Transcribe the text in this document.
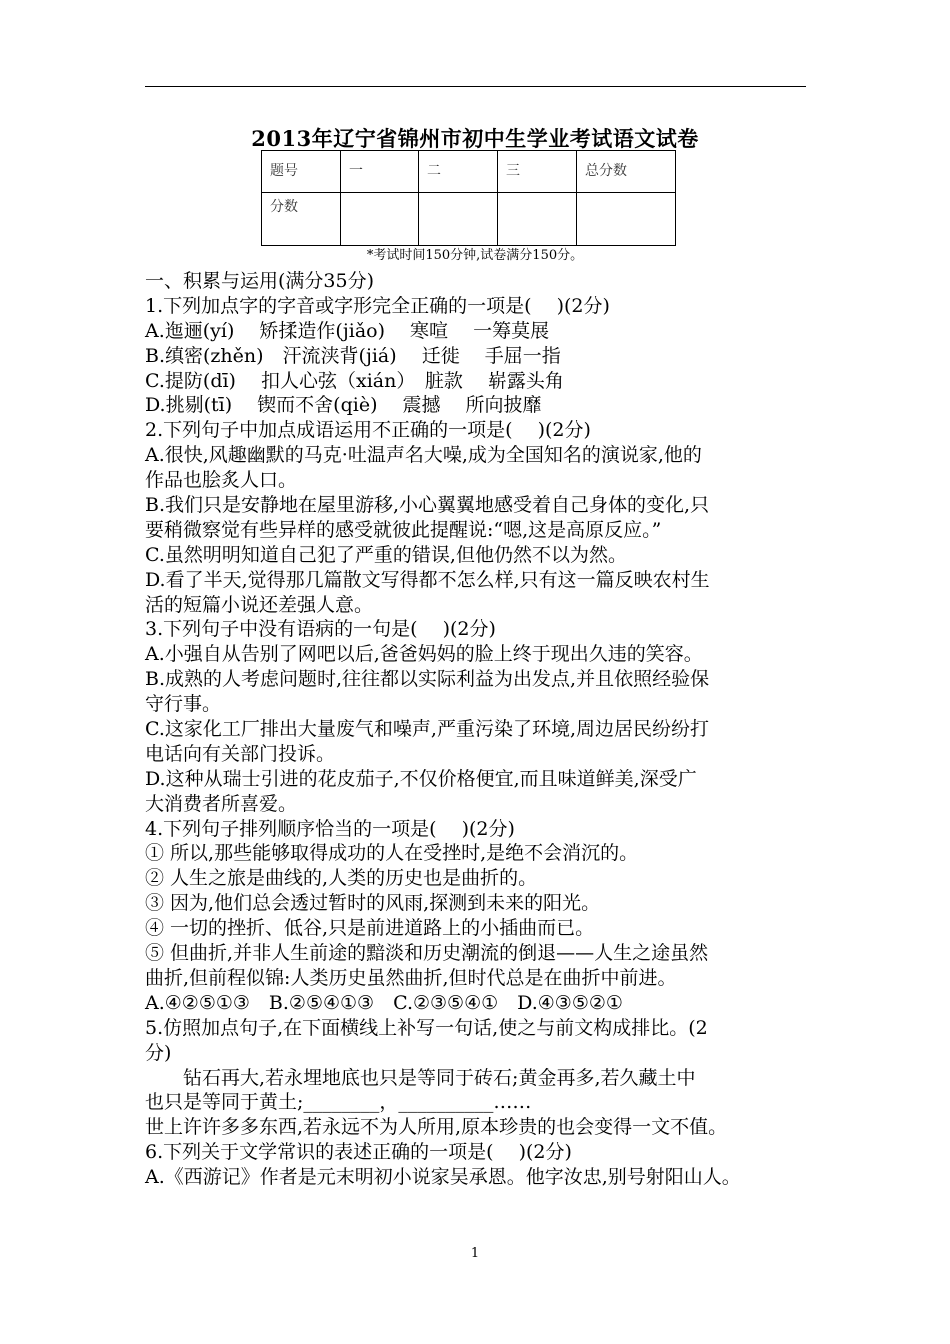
2013年辽宁省锦州市初中生学业考试语文试卷
题号	一	二	三	总分数
分数				
*考试时间150分钟,试卷满分150分。
一、积累与运用(满分35分)
1.下列加点字的字音或字形完全正确的一项是(　 )(2分)
A.迤逦(yí)　 矫揉造作(jiǎo)　 寒喧　 一筹莫展
B.缜密(zhěn)　汗流浃背(jiá)　 迁徙　 手屈一指
C.提防(dī)　 扣人心弦（xián）　脏款　 崭露头角
D.挑剔(tī)　 锲而不舍(qiè)　 震撼　 所向披靡
2.下列句子中加点成语运用不正确的一项是(　 )(2分)
A.很快,风趣幽默的马克·吐温声名大噪,成为全国知名的演说家,他的
作品也脍炙人口。
B.我们只是安静地在屋里游移,小心翼翼地感受着自己身体的变化,只
要稍微察觉有些异样的感受就彼此提醒说:“嗯,这是高原反应。”
C.虽然明明知道自己犯了严重的错误,但他仍然不以为然。
D.看了半天,觉得那几篇散文写得都不怎么样,只有这一篇反映农村生
活的短篇小说还差强人意。
3.下列句子中没有语病的一句是(　 )(2分)
A.小强自从告别了网吧以后,爸爸妈妈的脸上终于现出久违的笑容。
B.成熟的人考虑问题时,往往都以实际利益为出发点,并且依照经验保
守行事。
C.这家化工厂排出大量废气和噪声,严重污染了环境,周边居民纷纷打
电话向有关部门投诉。
D.这种从瑞士引进的花皮茄子,不仅价格便宜,而且味道鲜美,深受广
大消费者所喜爱。
4.下列句子排列顺序恰当的一项是(　 )(2分)
① 所以,那些能够取得成功的人在受挫时,是绝不会消沉的。
② 人生之旅是曲线的,人类的历史也是曲折的。
③ 因为,他们总会透过暂时的风雨,探测到未来的阳光。
④ 一切的挫折、低谷,只是前进道路上的小插曲而已。
⑤ 但曲折,并非人生前途的黯淡和历史潮流的倒退——人生之途虽然
曲折,但前程似锦:人类历史虽然曲折,但时代总是在曲折中前进。
A.④②⑤①③　B.②⑤④①③　C.②③⑤④①　D.④③⑤②①
5.仿照加点句子,在下面横线上补写一句话,使之与前文构成排比。(2
分)
钻石再大,若永埋地底也只是等同于砖石;黄金再多,若久藏土中
也只是等同于黄土;________，__________……
世上许许多多东西,若永远不为人所用,原本珍贵的也会变得一文不值。
6.下列关于文学常识的表述正确的一项是(　 )(2分)
A.《西游记》作者是元末明初小说家吴承恩。他字汝忠,别号射阳山人。
1
